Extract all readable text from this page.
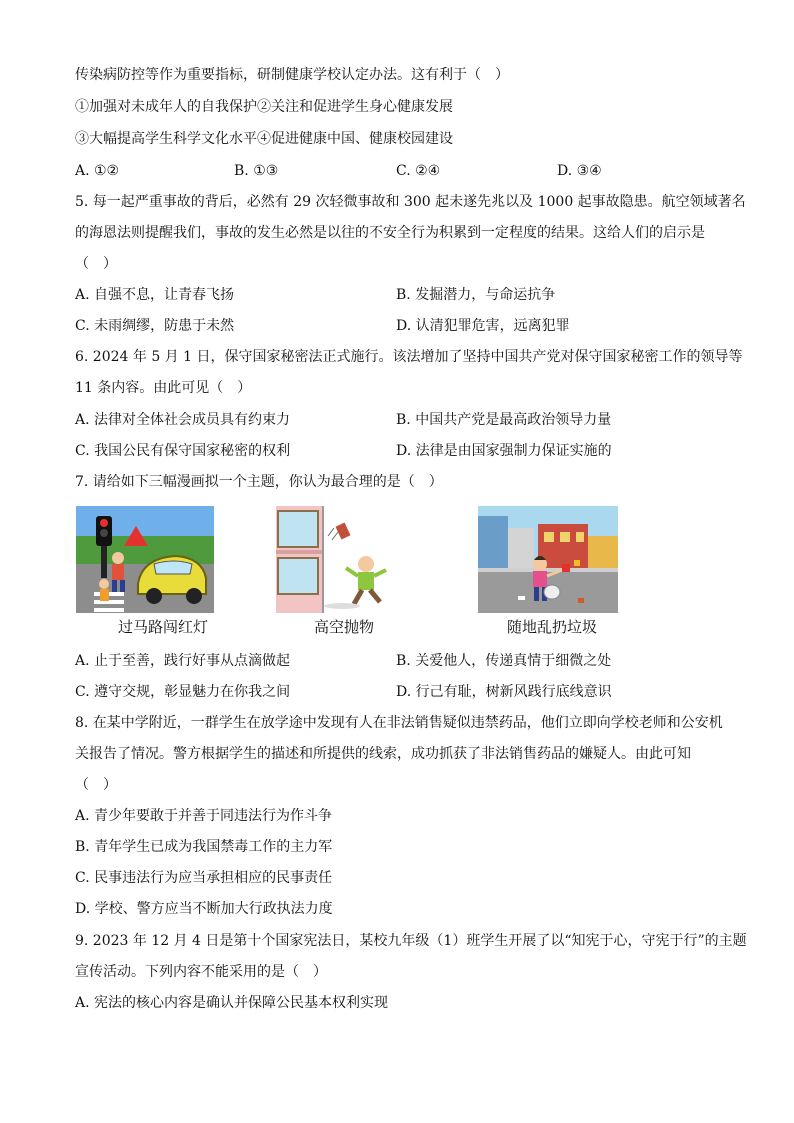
传染病防控等作为重要指标，研制健康学校认定办法。这有利于（　）
①加强对未成年人的自我保护②关注和促进学生身心健康发展
③大幅提高学生科学文化水平④促进健康中国、健康校园建设
A. ①②	B. ①③	C. ②④	D. ③④
5. 每一起严重事故的背后，必然有 29 次轻微事故和 300 起未遂先兆以及 1000 起事故隐患。航空领域著名
的海恩法则提醒我们，事故的发生必然是以往的不安全行为积累到一定程度的结果。这给人们的启示是
（　）
A. 自强不息，让青春飞扬	B. 发掘潜力，与命运抗争
C. 未雨绸缪，防患于未然	D. 认清犯罪危害，远离犯罪
6. 2024 年 5 月 1 日，保守国家秘密法正式施行。该法增加了坚持中国共产党对保守国家秘密工作的领导等
11 条内容。由此可见（　）
A. 法律对全体社会成员具有约束力	B. 中国共产党是最高政治领导力量
C. 我国公民有保守国家秘密的权利	D. 法律是由国家强制力保证实施的
7. 请给如下三幅漫画拟一个主题，你认为最合理的是（　）
过马路闯红灯	高空抛物	随地乱扔垃圾
A. 止于至善，践行好事从点滴做起	B. 关爱他人，传递真情于细微之处
C. 遵守交规，彰显魅力在你我之间	D. 行己有耻，树新风践行底线意识
8. 在某中学附近，一群学生在放学途中发现有人在非法销售疑似违禁药品，他们立即向学校老师和公安机
关报告了情况。警方根据学生的描述和所提供的线索，成功抓获了非法销售药品的嫌疑人。由此可知
（　）
A. 青少年要敢于并善于同违法行为作斗争
B. 青年学生已成为我国禁毒工作的主力军
C. 民事违法行为应当承担相应的民事责任
D. 学校、警方应当不断加大行政执法力度
9. 2023 年 12 月 4 日是第十个国家宪法日，某校九年级（1）班学生开展了以“知宪于心，守宪于行”的主题
宣传活动。下列内容不能采用的是（　）
A. 宪法的核心内容是确认并保障公民基本权利实现
